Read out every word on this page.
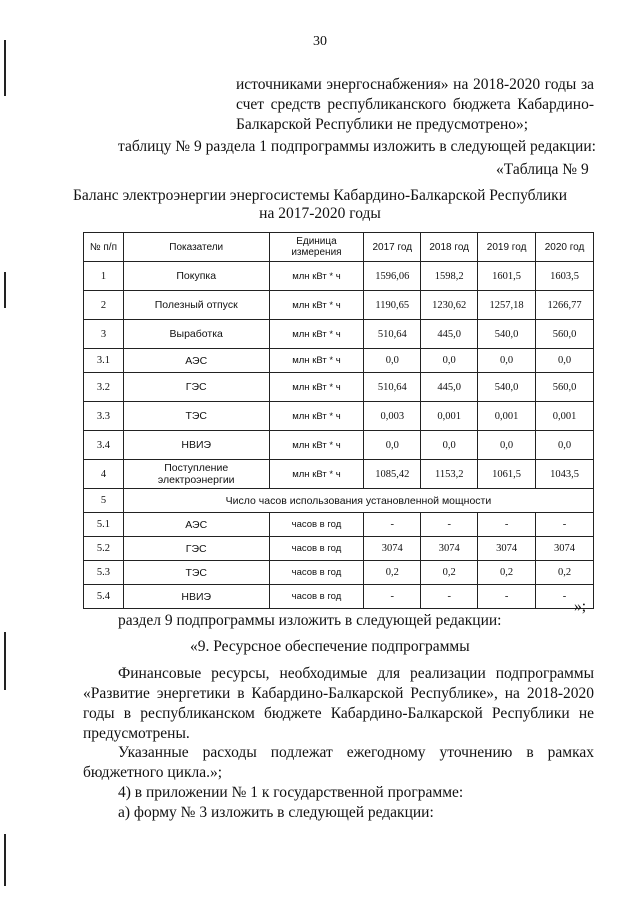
30
источниками энергоснабжения» на 2018-2020 годы за
счет средств республиканского бюджета Кабардино-
Балкарской Республики не предусмотрено»;
таблицу № 9 раздела 1 подпрограммы изложить в следующей редакции:
«Таблица № 9
Баланс электроэнергии энергосистемы Кабардино-Балкарской Республики
на 2017-2020 годы
№ п/п	Показатели	Единица измерения	2017 год	2018 год	2019 год	2020 год
1	Покупка	млн кВт * ч	1596,06	1598,2	1601,5	1603,5
2	Полезный отпуск	млн кВт * ч	1190,65	1230,62	1257,18	1266,77
3	Выработка	млн кВт * ч	510,64	445,0	540,0	560,0
3.1	АЭС	млн кВт * ч	0,0	0,0	0,0	0,0
3.2	ГЭС	млн кВт * ч	510,64	445,0	540,0	560,0
3.3	ТЭС	млн кВт * ч	0,003	0,001	0,001	0,001
3.4	НВИЭ	млн кВт * ч	0,0	0,0	0,0	0,0
4	Поступление электроэнергии	млн кВт * ч	1085,42	1153,2	1061,5	1043,5
5	Число часов использования установленной мощности					
5.1	АЭС	часов в год	-	-	-	-
5.2	ГЭС	часов в год	3074	3074	3074	3074
5.3	ТЭС	часов в год	0,2	0,2	0,2	0,2
5.4	НВИЭ	часов в год	-	-	-	-
»;
раздел 9 подпрограммы изложить в следующей редакции:
«9. Ресурсное обеспечение подпрограммы
Финансовые ресурсы, необходимые для реализации подпрограммы
«Развитие энергетики в Кабардино-Балкарской Республике», на 2018-2020
годы в республиканском бюджете Кабардино-Балкарской Республики не
предусмотрены.
Указанные расходы подлежат ежегодному уточнению в рамках
бюджетного цикла.»;
4) в приложении № 1 к государственной программе:
а) форму № 3 изложить в следующей редакции:
